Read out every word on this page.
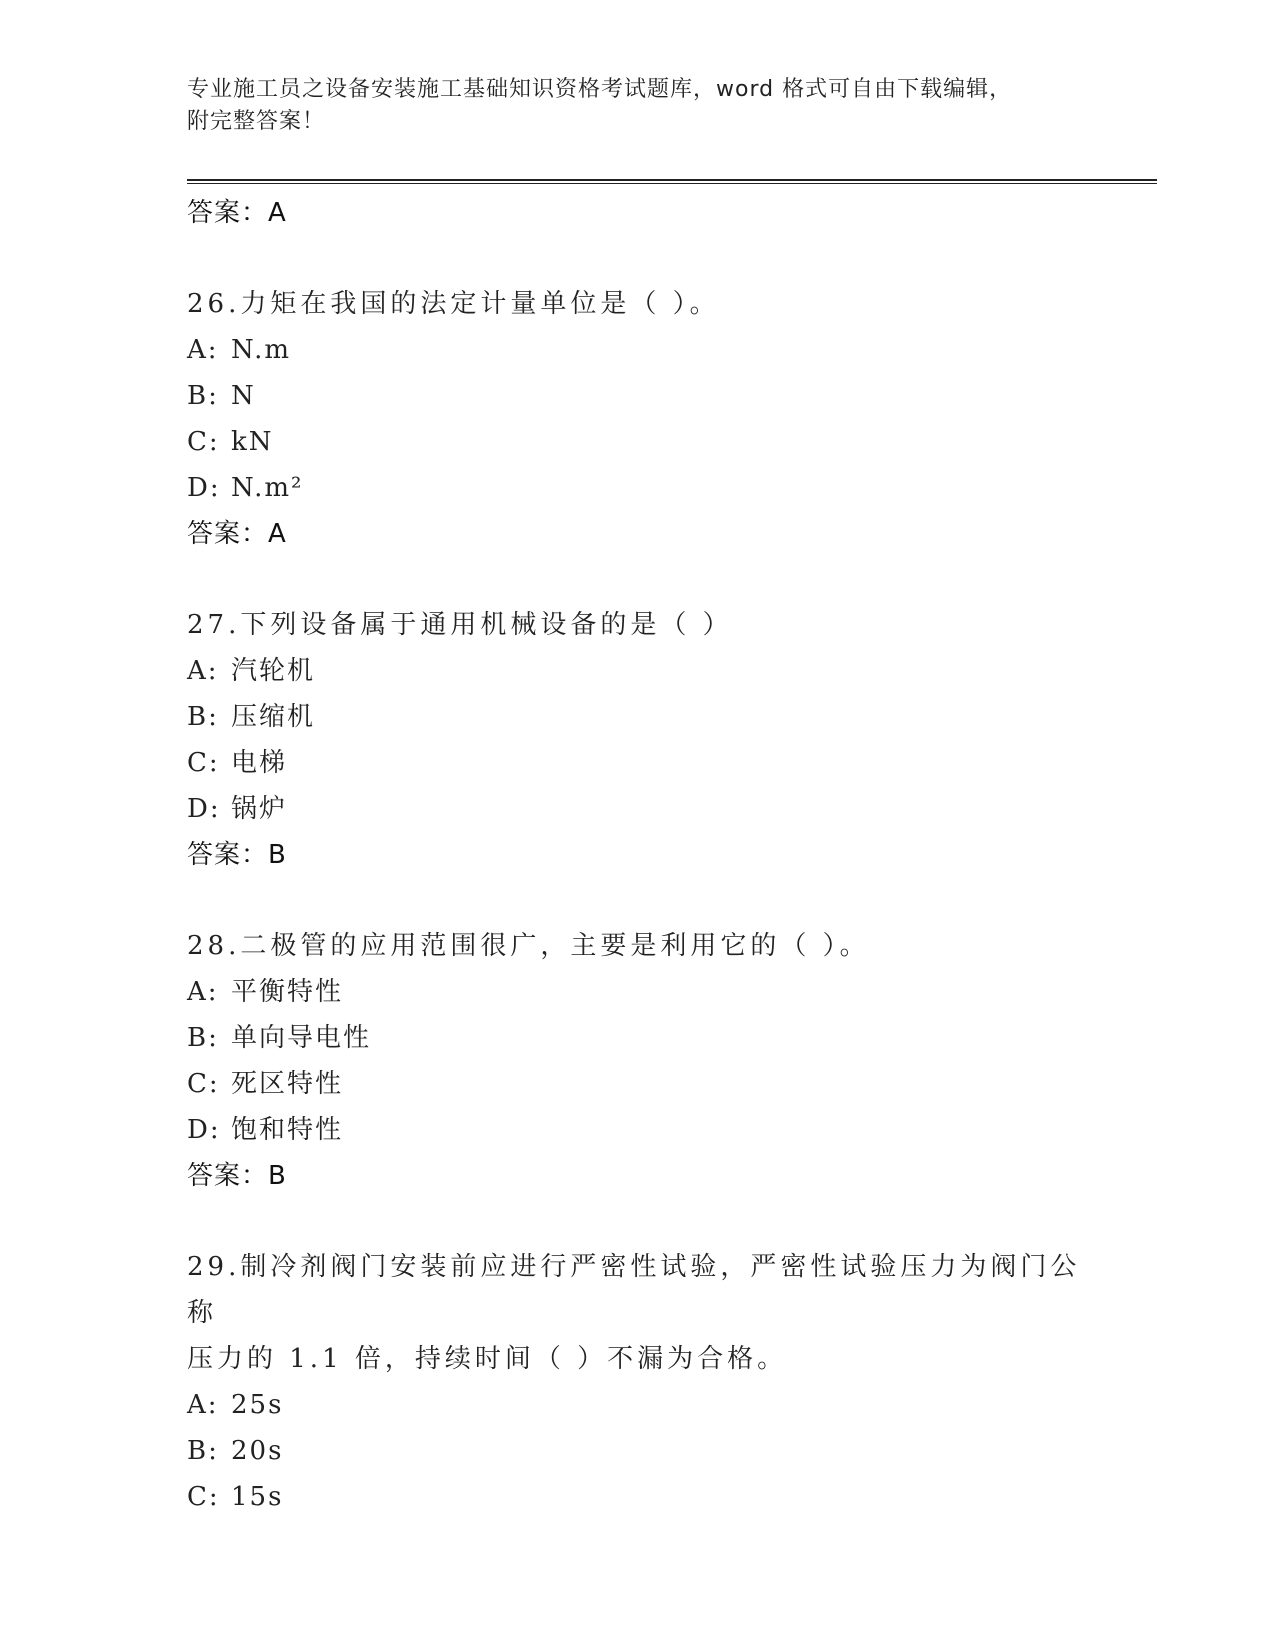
专业施工员之设备安装施工基础知识资格考试题库，word 格式可自由下载编辑，
附完整答案！
答案：A
26.力矩在我国的法定计量单位是（ ）。
A: N.m
B: N
C: kN
D: N.m²
答案：A
27.下列设备属于通用机械设备的是（ ）
A: 汽轮机
B: 压缩机
C: 电梯
D: 锅炉
答案：B
28.二极管的应用范围很广，主要是利用它的（ ）。
A: 平衡特性
B: 单向导电性
C: 死区特性
D: 饱和特性
答案：B
29.制冷剂阀门安装前应进行严密性试验，严密性试验压力为阀门公称
压力的 1.1 倍，持续时间（ ）不漏为合格。
A: 25s
B: 20s
C: 15s
